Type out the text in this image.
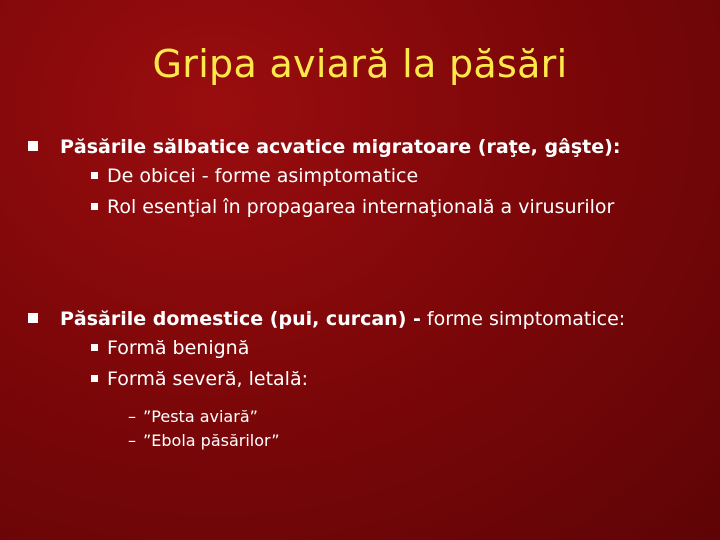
Gripa aviară la păsări
Păsările sălbatice acvatice migratoare (raţe, gâşte):
De obicei - forme asimptomatice
Rol esenţial în propagarea internaţională a virusurilor
Păsările domestice (pui, curcan) - forme simptomatice:
Formă benignă
Formă severă, letală:
– ”Pesta aviară”
– ”Ebola păsărilor”
